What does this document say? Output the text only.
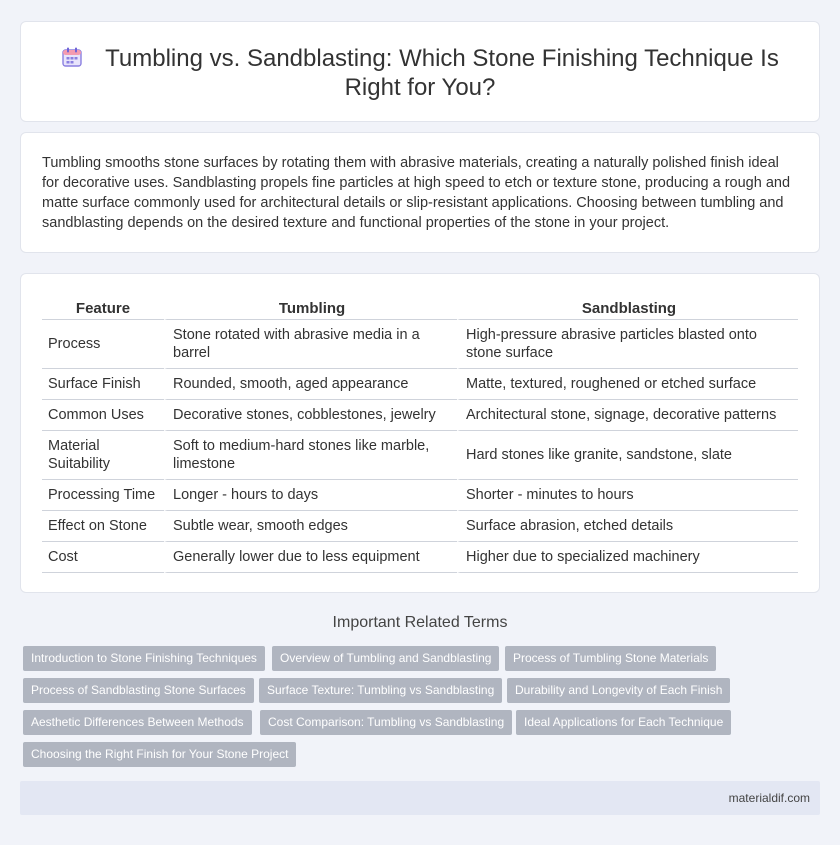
Tumbling vs. Sandblasting: Which Stone Finishing Technique Is Right for You?

Tumbling smooths stone surfaces by rotating them with abrasive materials, creating a naturally polished finish ideal for decorative uses. Sandblasting propels fine particles at high speed to etch or texture stone, producing a rough and matte surface commonly used for architectural details or slip-resistant applications. Choosing between tumbling and sandblasting depends on the desired texture and functional properties of the stone in your project.

Feature	Tumbling	Sandblasting
Process	Stone rotated with abrasive media in a barrel	High-pressure abrasive particles blasted onto stone surface
Surface Finish	Rounded, smooth, aged appearance	Matte, textured, roughened or etched surface
Common Uses	Decorative stones, cobblestones, jewelry	Architectural stone, signage, decorative patterns
Material Suitability	Soft to medium-hard stones like marble, limestone	Hard stones like granite, sandstone, slate
Processing Time	Longer - hours to days	Shorter - minutes to hours
Effect on Stone	Subtle wear, smooth edges	Surface abrasion, etched details
Cost	Generally lower due to less equipment	Higher due to specialized machinery
Important Related Terms
Introduction to Stone Finishing Techniques	Overview of Tumbling and Sandblasting	Process of Tumbling Stone Materials
Process of Sandblasting Stone Surfaces	Surface Texture: Tumbling vs Sandblasting	Durability and Longevity of Each Finish
Aesthetic Differences Between Methods	Cost Comparison: Tumbling vs Sandblasting	Ideal Applications for Each Technique
Choosing the Right Finish for Your Stone Project
materialdif.com
